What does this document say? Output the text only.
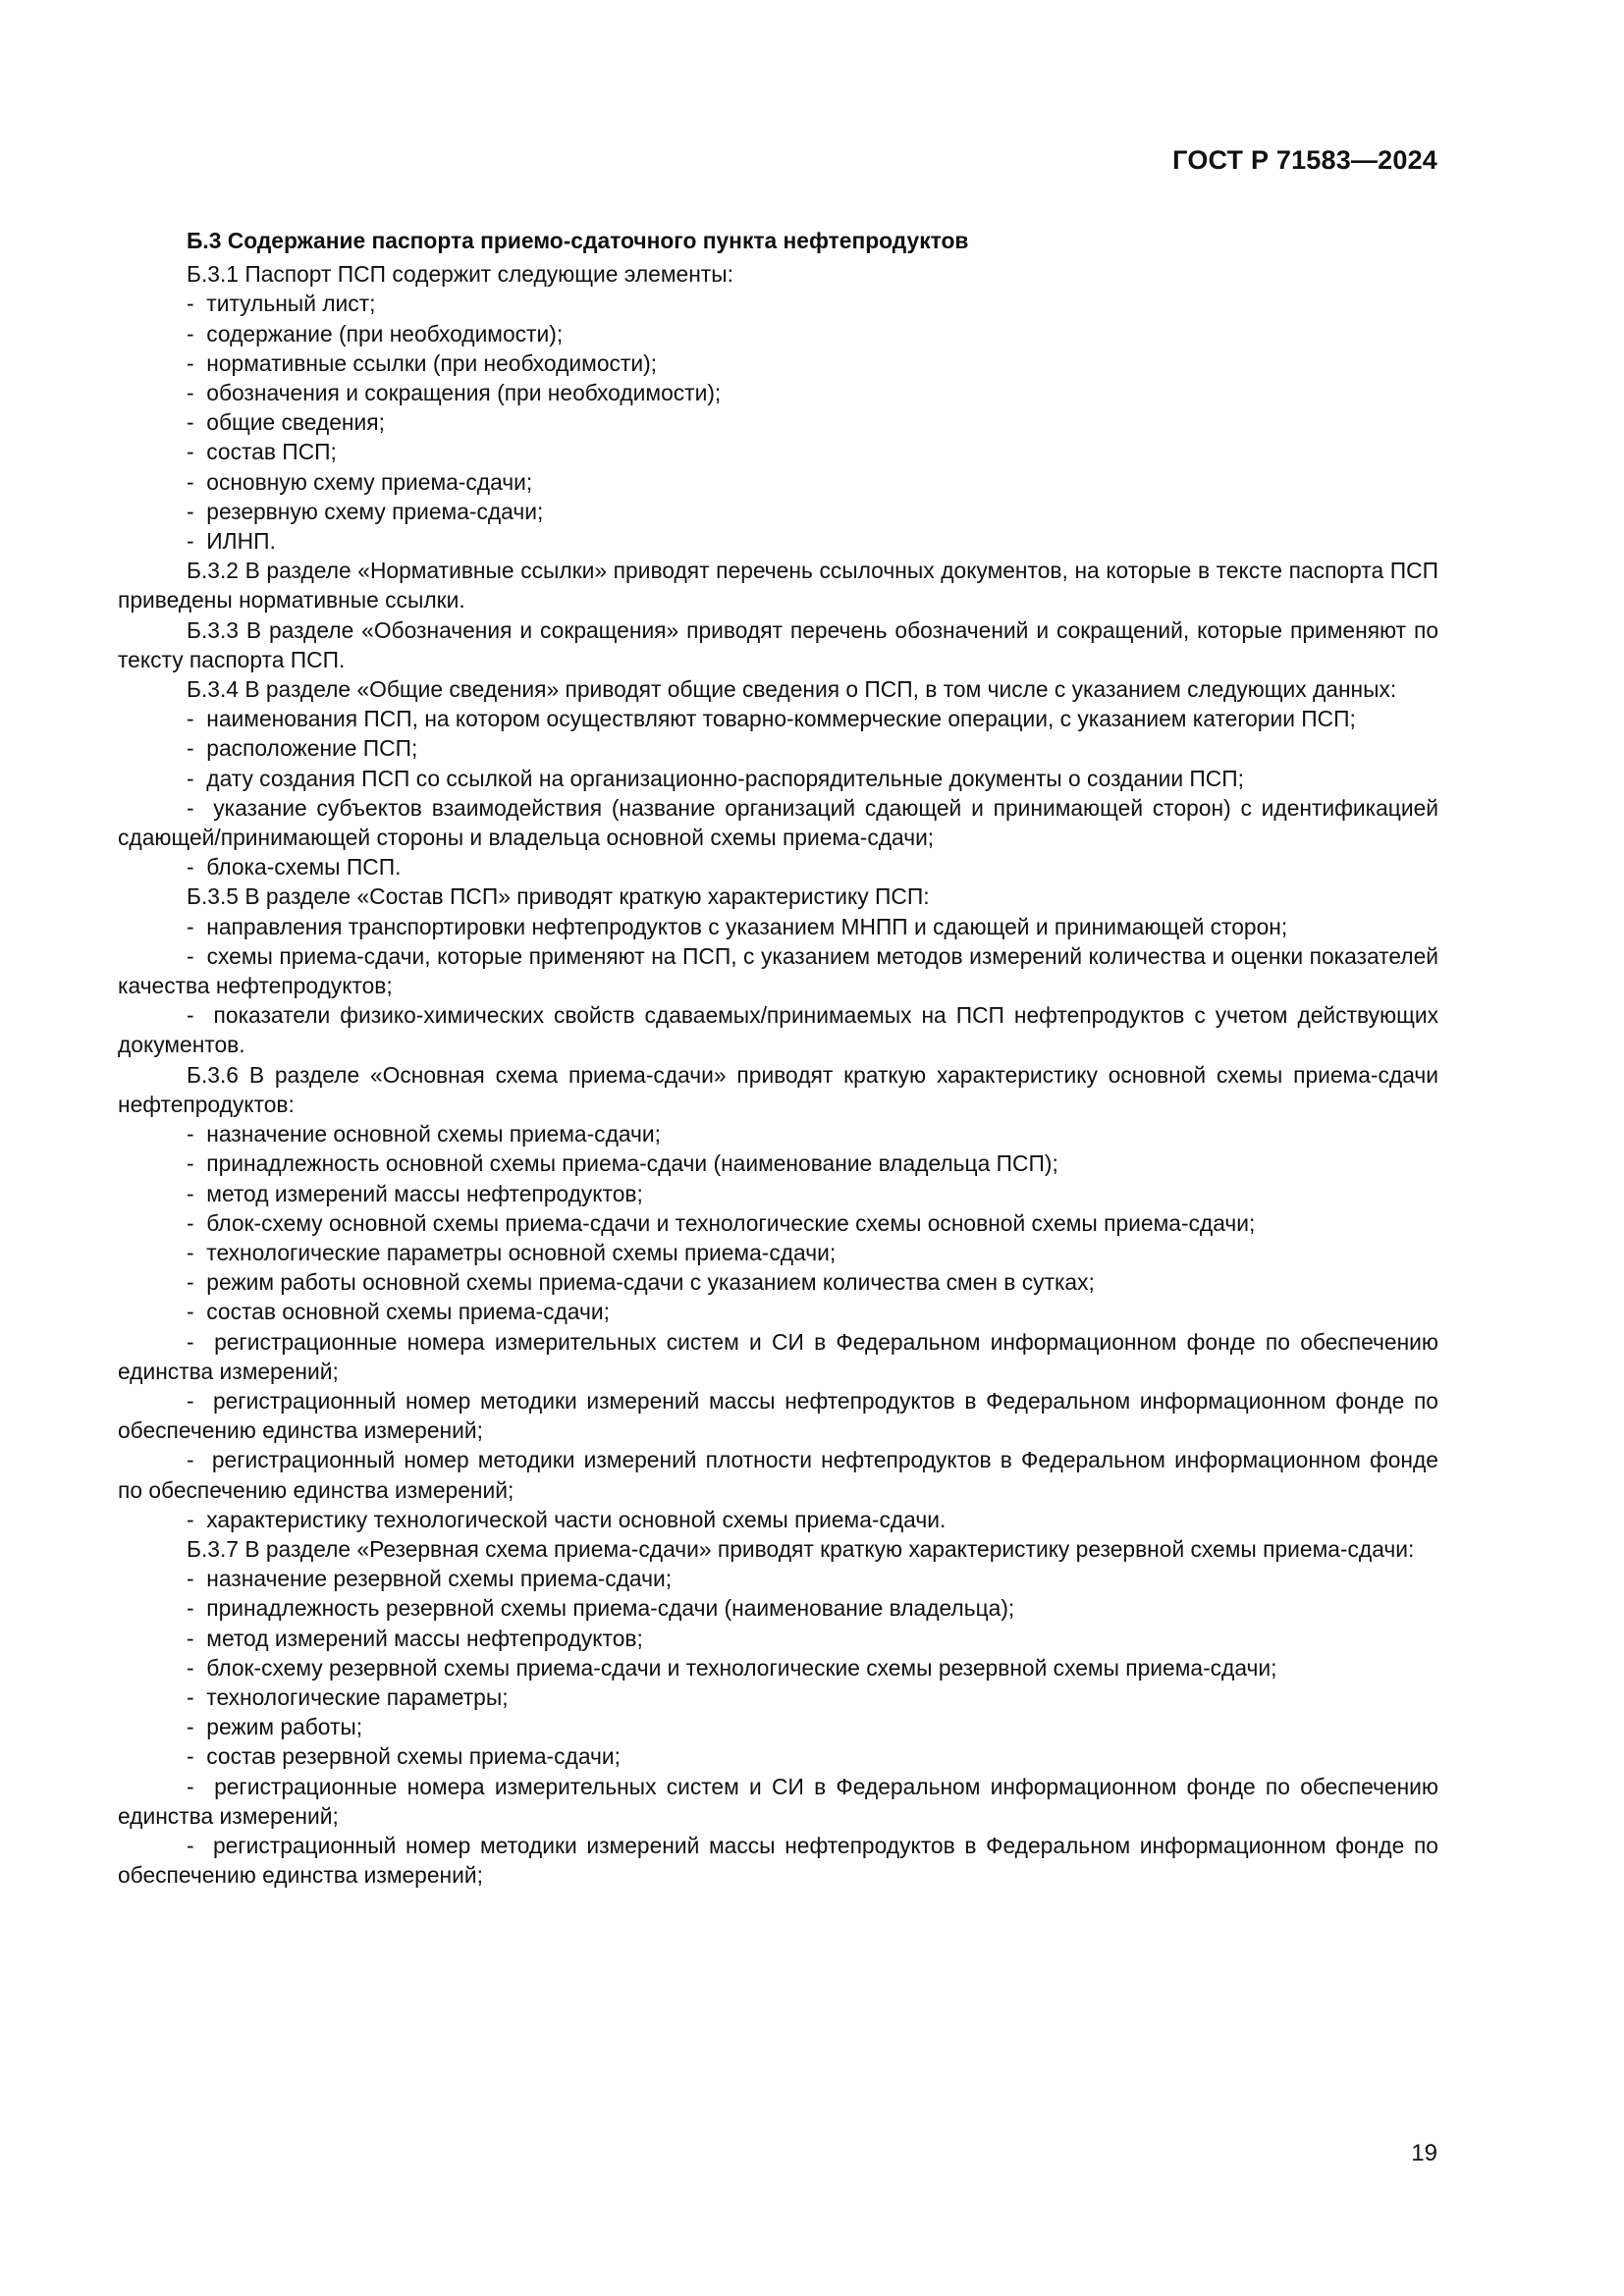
ГОСТ Р 71583—2024
Б.3 Содержание паспорта приемо-сдаточного пункта нефтепродуктов
Б.3.1 Паспорт ПСП содержит следующие элементы:
-  титульный лист;
-  содержание (при необходимости);
-  нормативные ссылки (при необходимости);
-  обозначения и сокращения (при необходимости);
-  общие сведения;
-  состав ПСП;
-  основную схему приема-сдачи;
-  резервную схему приема-сдачи;
-  ИЛНП.
Б.3.2 В разделе «Нормативные ссылки» приводят перечень ссылочных документов, на которые в тексте паспорта ПСП приведены нормативные ссылки.
Б.3.3 В разделе «Обозначения и сокращения» приводят перечень обозначений и сокращений, которые применяют по тексту паспорта ПСП.
Б.3.4 В разделе «Общие сведения» приводят общие сведения о ПСП, в том числе с указанием следующих данных:
-  наименования ПСП, на котором осуществляют товарно-коммерческие операции, с указанием категории ПСП;
-  расположение ПСП;
-  дату создания ПСП со ссылкой на организационно-распорядительные документы о создании ПСП;
-  указание субъектов взаимодействия (название организаций сдающей и принимающей сторон) с идентификацией сдающей/принимающей стороны и владельца основной схемы приема-сдачи;
-  блока-схемы ПСП.
Б.3.5 В разделе «Состав ПСП» приводят краткую характеристику ПСП:
-  направления транспортировки нефтепродуктов с указанием МНПП и сдающей и принимающей сторон;
-  схемы приема-сдачи, которые применяют на ПСП, с указанием методов измерений количества и оценки показателей качества нефтепродуктов;
-  показатели физико-химических свойств сдаваемых/принимаемых на ПСП нефтепродуктов с учетом действующих документов.
Б.3.6 В разделе «Основная схема приема-сдачи» приводят краткую характеристику основной схемы приема-сдачи нефтепродуктов:
-  назначение основной схемы приема-сдачи;
-  принадлежность основной схемы приема-сдачи (наименование владельца ПСП);
-  метод измерений массы нефтепродуктов;
-  блок-схему основной схемы приема-сдачи и технологические схемы основной схемы приема-сдачи;
-  технологические параметры основной схемы приема-сдачи;
-  режим работы основной схемы приема-сдачи с указанием количества смен в сутках;
-  состав основной схемы приема-сдачи;
-  регистрационные номера измерительных систем и СИ в Федеральном информационном фонде по обеспечению единства измерений;
-  регистрационный номер методики измерений массы нефтепродуктов в Федеральном информационном фонде по обеспечению единства измерений;
-  регистрационный номер методики измерений плотности нефтепродуктов в Федеральном информационном фонде по обеспечению единства измерений;
-  характеристику технологической части основной схемы приема-сдачи.
Б.3.7 В разделе «Резервная схема приема-сдачи» приводят краткую характеристику резервной схемы приема-сдачи:
-  назначение резервной схемы приема-сдачи;
-  принадлежность резервной схемы приема-сдачи (наименование владельца);
-  метод измерений массы нефтепродуктов;
-  блок-схему резервной схемы приема-сдачи и технологические схемы резервной схемы приема-сдачи;
-  технологические параметры;
-  режим работы;
-  состав резервной схемы приема-сдачи;
-  регистрационные номера измерительных систем и СИ в Федеральном информационном фонде по обеспечению единства измерений;
-  регистрационный номер методики измерений массы нефтепродуктов в Федеральном информационном фонде по обеспечению единства измерений;
19
